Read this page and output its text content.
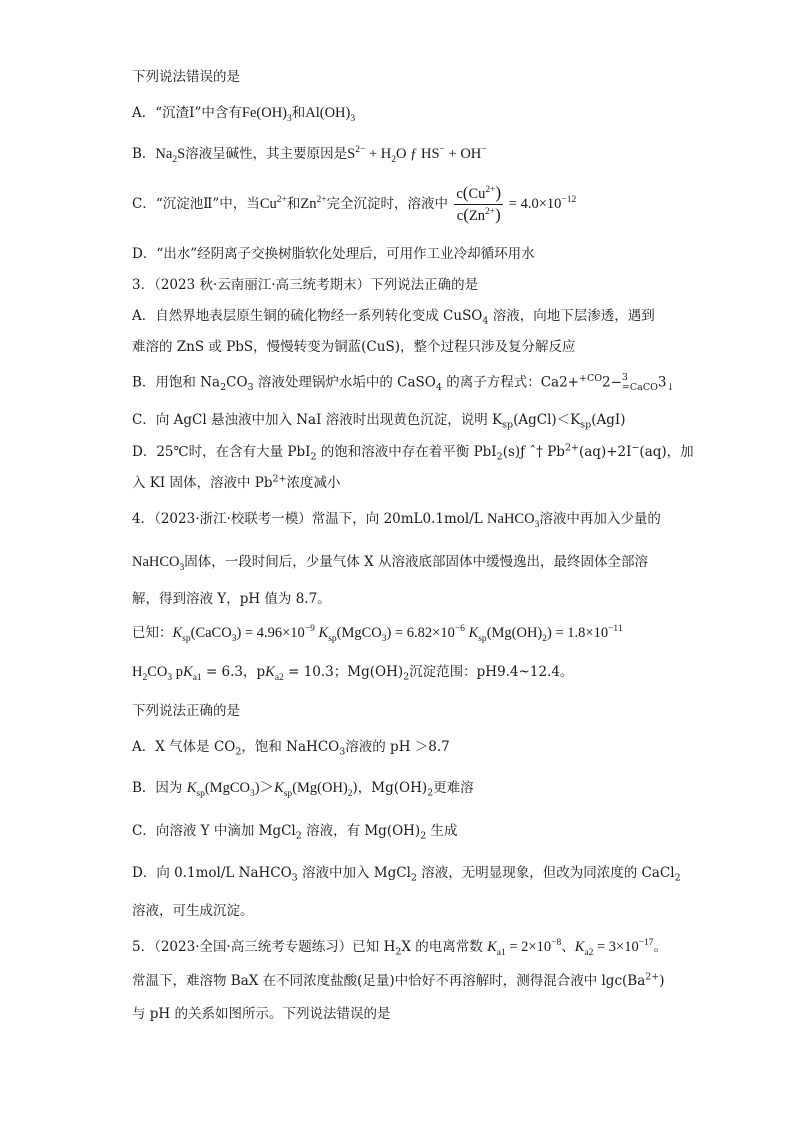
下列说法错误的是
A．“沉渣Ⅰ”中含有$Fe(OH)_3$和$Al(OH)_3$
B．$Na_2S$溶液呈碱性，其主要原因是$S^{2-} + H_2O$ ƒ HS− + OH−
C．“沉淀池Ⅱ”中，当$Cu^{2+}$和$Zn^{2+}$完全沉淀时，溶液中 $\frac{c(Cu^{2+})}{c(Zn^{2+})} = 4.0\times 10^{-12}$
D．“出水”经阴离子交换树脂软化处理后，可用作工业冷却循环用水
3．（2023 秋·云南丽江·高三统考期末）下列说法正确的是
A．自然界地表层原生铜的硫化物经一系列转化变成 CuSO$_4$ 溶液，向地下层渗透，遇到
难溶的 ZnS 或 PbS，慢慢转变为铜蓝(CuS)，整个过程只涉及复分解反应
B．用饱和 $Na_2CO_3$ 溶液处理锅炉水垢中的 CaSO$_4$ 的离子方程式：Ca2+$^{+CO}$2− 3
=CaCO $3_↓$
C．向 AgCl 悬浊液中加入 NaI 溶液时出现黄色沉淀，说明 $K_{sp}(AgCl)<K_{sp}(AgI)$
D．25℃时，在含有大量 PbI$_2$ 的饱和溶液中存在着平衡 PbI$_2$(s)ƒ ˆ† $Pb^{2+}(aq)+2I^-(aq)$，加
入 KI 固体，溶液中 $Pb^{2+}$浓度减小
4．（2023·浙江·校联考一模）常温下，向 20mL0.1mol/L NaHCO$_3$溶液中再加入少量的
NaHCO$_3$固体，一段时间后，少量气体 X 从溶液底部固体中缓慢逸出，最终固体全部溶
解，得到溶液 Y，pH 值为 8.7。
已知：$K_{sp}(CaCO_3) = 4.96\times 10^{-9}$ $K_{sp}(MgCO_3) = 6.82\times 10^{-6}$ $K_{sp}(Mg(OH)_2) = 1.8\times 10^{-11}$
$H_2CO_3$ $pK_{a1} = 6.3$，$pK_{a2} = 10.3$；$Mg(OH)_2$沉淀范围：pH9.4~12.4。
下列说法正确的是
A．X 气体是 $CO_2$，饱和 NaHCO$_3$溶液的 pH ＞8.7
B．因为 $K_{sp}(MgCO_3)>K_{sp}(Mg(OH)_2)$，$Mg(OH)_2$更难溶
C．向溶液 Y 中滴加 MgCl$_2$ 溶液，有 $Mg(OH)_2$ 生成
D．向 0.1mol/L NaHCO$_3$ 溶液中加入 MgCl$_2$ 溶液，无明显现象，但改为同浓度的 CaCl$_2$
溶液，可生成沉淀。
5．（2023·全国·高三统考专题练习）已知 $H_2X$ 的电离常数 $K_{a1} = 2\times 10^{-8}$、$K_{a2} = 3\times 10^{-17}$。
常温下，难溶物 BaX 在不同浓度盐酸(足量)中恰好不再溶解时，测得混合液中 $\lg c(Ba^{2+})$
与 pH 的关系如图所示。下列说法错误的是
